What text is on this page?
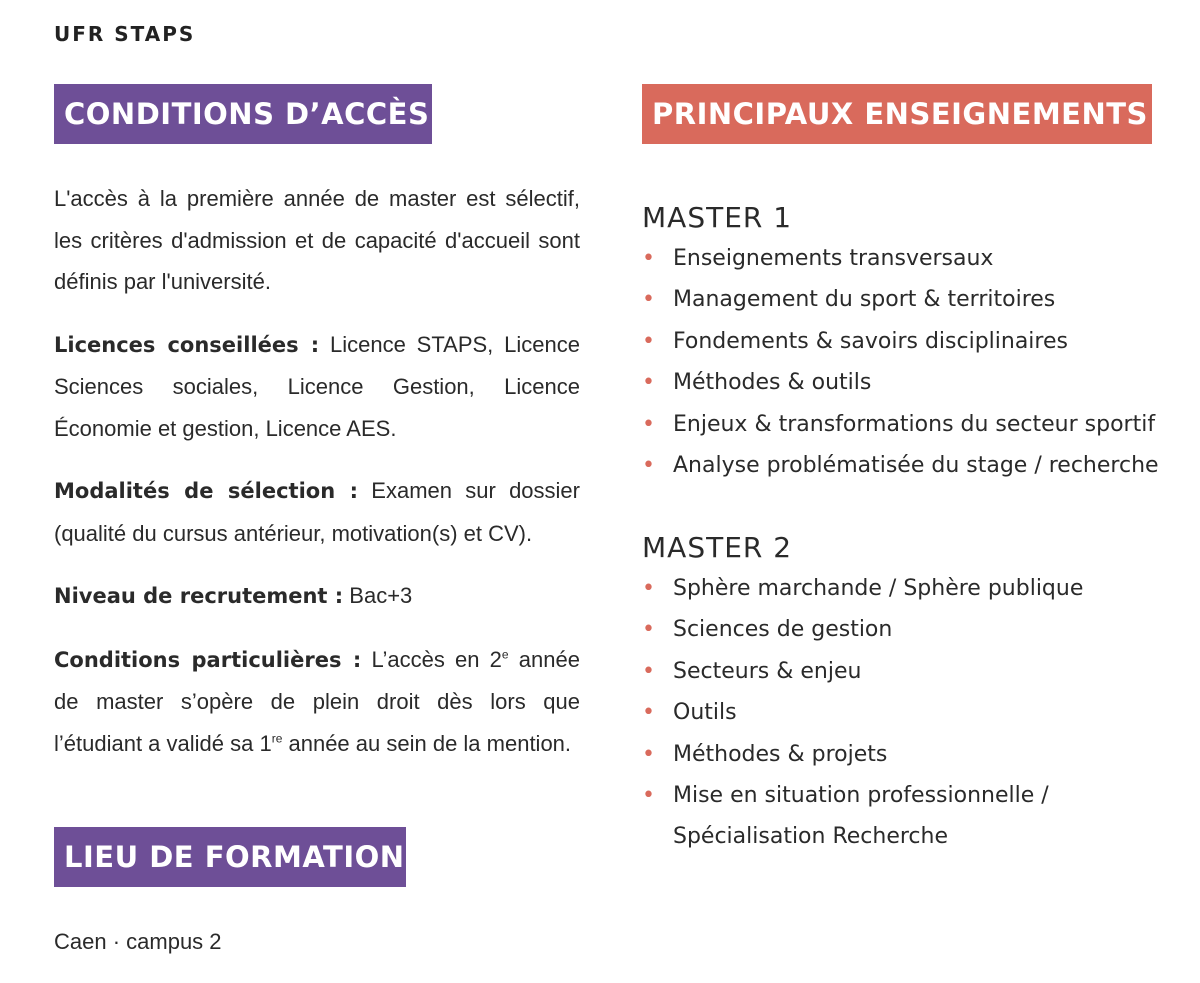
UFR STAPS
CONDITIONS D’ACCÈS	PRINCIPAUX ENSEIGNEMENTS
LIEU DE FORMATION

L'accès à la première année de master est sélectif, les critères d'admission et de capacité d'accueil sont définis par l'université.

Licences conseillées : Licence STAPS, Licence Sciences sociales, Licence Gestion, Licence Économie et gestion, Licence AES.

Modalités de sélection : Examen sur dossier (qualité du cursus antérieur, motivation(s) et CV).

Niveau de recrutement : Bac+3

Conditions particulières : L’accès en 2e année de master s’opère de plein droit dès lors que l’étudiant a validé sa 1re année au sein de la mention.

Caen · campus 2
MASTER 1
• Enseignements transversaux
• Management du sport & territoires
• Fondements & savoirs disciplinaires
• Méthodes & outils
• Enjeux & transformations du secteur sportif
• Analyse problématisée du stage / recherche
MASTER 2
• Sphère marchande / Sphère publique
• Sciences de gestion
• Secteurs & enjeu
• Outils
• Méthodes & projets
• Mise en situation professionnelle / Spécialisation Recherche
